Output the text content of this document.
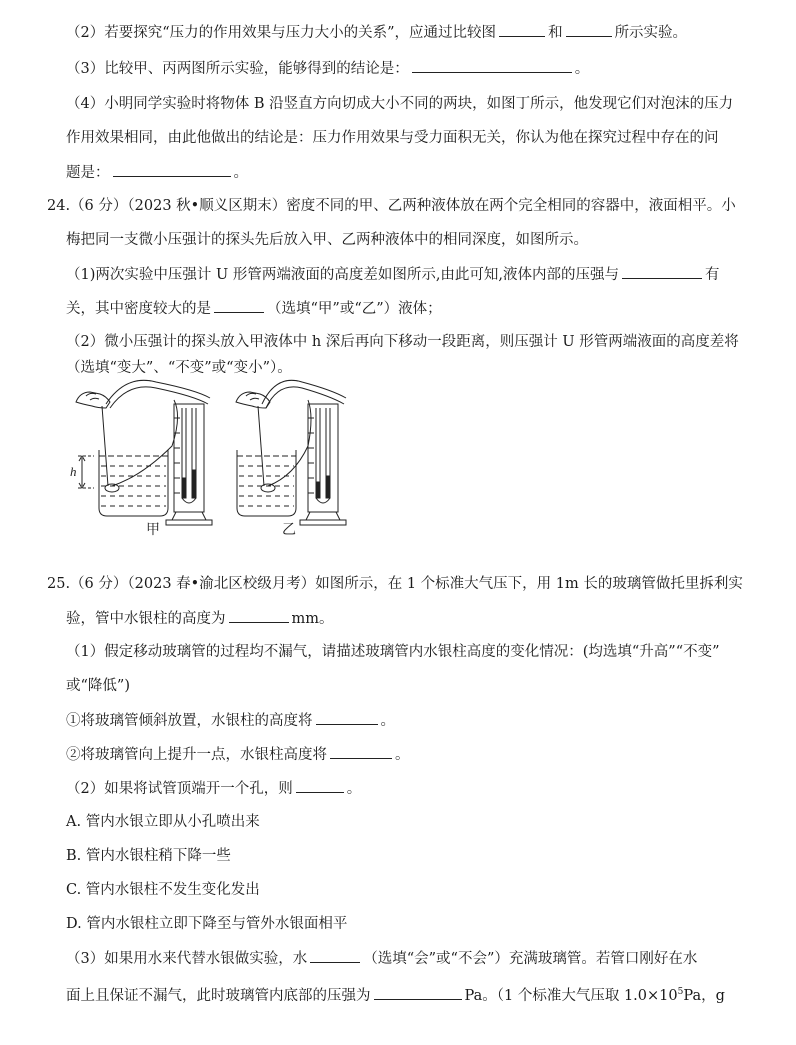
（2）若要探究“压力的作用效果与压力大小的关系”，应通过比较图	和	所示实验。
（3）比较甲、丙两图所示实验，能够得到的结论是：	。
（4）小明同学实验时将物体 B 沿竖直方向切成大小不同的两块，如图丁所示，他发现它们对泡沫的压力
作用效果相同，由此他做出的结论是：压力作用效果与受力面积无关，你认为他在探究过程中存在的问
题是：	。
24.（6 分）（2023 秋•顺义区期末）密度不同的甲、乙两种液体放在两个完全相同的容器中，液面相平。小
梅把同一支微小压强计的探头先后放入甲、乙两种液体中的相同深度，如图所示。
（1)两次实验中压强计 U 形管两端液面的高度差如图所示,由此可知,液体内部的压强与	有
关，其中密度较大的是	（选填“甲”或“乙”）液体；
（2）微小压强计的探头放入甲液体中 h 深后再向下移动一段距离，则压强计 U 形管两端液面的高度差将
（选填“变大”、“不变”或“变小”）。
h
甲	乙
25.（6 分）（2023 春•渝北区校级月考）如图所示，在 1 个标准大气压下，用 1m 长的玻璃管做托里拆利实
验，管中水银柱的高度为	mm。
（1）假定移动玻璃管的过程均不漏气，请描述玻璃管内水银柱高度的变化情况：(均选填“升高”“不变”
或“降低”)
①将玻璃管倾斜放置，水银柱的高度将	。
②将玻璃管向上提升一点，水银柱高度将	。
（2）如果将试管顶端开一个孔，则	。
A. 管内水银立即从小孔喷出来
B. 管内水银柱稍下降一些
C. 管内水银柱不发生变化发出
D. 管内水银柱立即下降至与管外水银面相平
（3）如果用水来代替水银做实验，水	（选填“会”或“不会”）充满玻璃管。若管口刚好在水
面上且保证不漏气，此时玻璃管内底部的压强为	Pa。（1 个标准大气压取 $1.0\times 10^5Pa$，g
